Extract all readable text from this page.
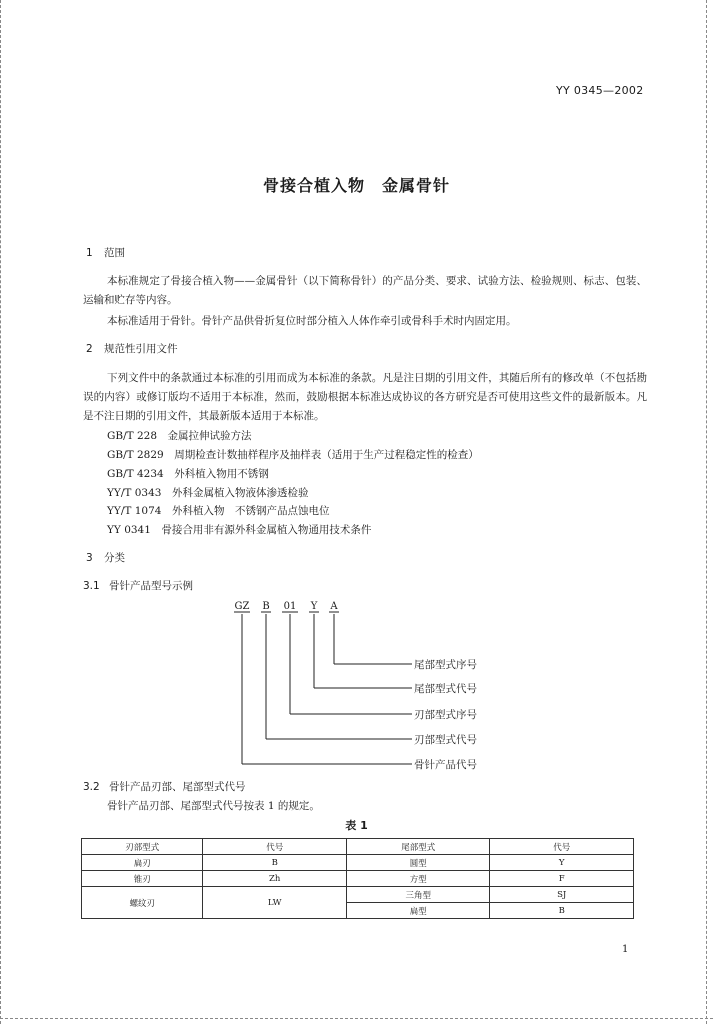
YY 0345—2002
骨接合植入物　金属骨针
1 范围
本标准规定了骨接合植入物——金属骨针（以下简称骨针）的产品分类、要求、试验方法、检验规则、标志、包装、运输和贮存等内容。
本标准适用于骨针。骨针产品供骨折复位时部分植入人体作牵引或骨科手术时内固定用。
2 规范性引用文件
下列文件中的条款通过本标准的引用而成为本标准的条款。凡是注日期的引用文件，其随后所有的修改单（不包括勘误的内容）或修订版均不适用于本标准，然而，鼓励根据本标准达成协议的各方研究是否可使用这些文件的最新版本。凡是不注日期的引用文件，其最新版本适用于本标准。
GB/T 228　 金属拉伸试验方法
GB/T 2829　 周期检查计数抽样程序及抽样表（适用于生产过程稳定性的检查）
GB/T 4234　 外科植入物用不锈钢
YY/T 0343　 外科金属植入物液体渗透检验
YY/T 1074　 外科植入物　不锈钢产品点蚀电位
YY 0341　 骨接合用非有源外科金属植入物通用技术条件
3 分类
3.1 骨针产品型号示例
GZ B 01 Y A
尾部型式序号
尾部型式代号
刃部型式序号
刃部型式代号
骨针产品代号
3.2 骨针产品刃部、尾部型式代号
骨针产品刃部、尾部型式代号按表 1 的规定。
表 1
刃部型式	代号	尾部型式	代号
扁刃	B	圆型	Y
锥刃	Zh	方型	F
螺纹刃	LW	三角型	SJ
		扁型	B
1
